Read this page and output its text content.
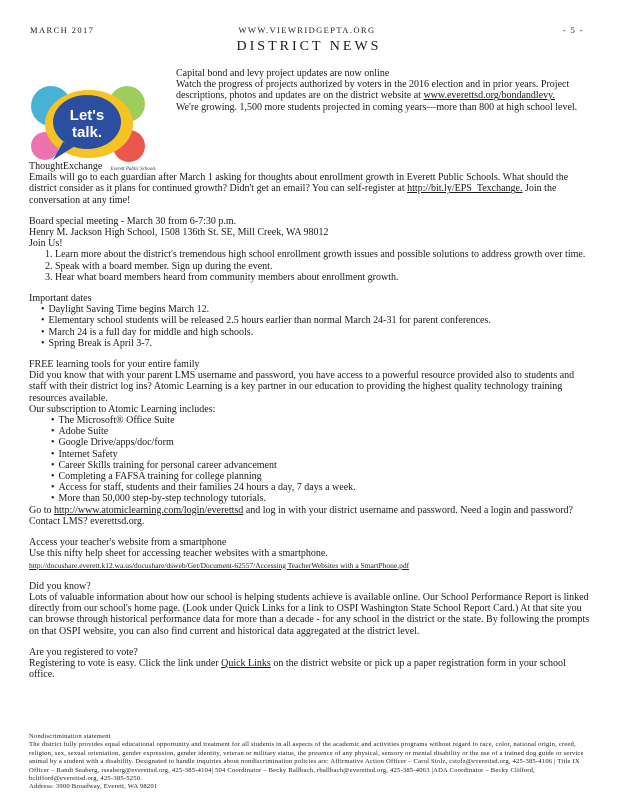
MARCH 2017	WWW.VIEWRIDGEPTA.ORG	- 5 -
DISTRICT NEWS
Let's
talk.
Everett Public Schools

Capital bond and levy project updates are now online

Watch the progress of projects authorized by voters in the 2016 election and in prior years. Project descriptions, photos and updates are on the district website at www.everettsd.org/bondandlevy.

We're growing. 1,500 more students projected in coming years—more than 800 at high school level.

ThoughtExchange

Emails will go to each guardian after March 1 asking for thoughts about enrollment growth in Everett Public Schools. What should the district consider as it plans for continued growth? Didn't get an email? You can self-register at http://bit.ly/EPS_Texchange. Join the conversation at any time!

Board special meeting - March 30 from 6-7:30 p.m.

Henry M. Jackson High School, 1508 136th St. SE, Mill Creek, WA 98012

Join Us!

1. Learn more about the district's tremendous high school enrollment growth issues and possible solutions to address growth over time.
2. Speak with a board member. Sign up during the event.
3. Hear what board members heard from community members about enrollment growth.

Important dates

• Daylight Saving Time begins March 12.
• Elementary school students will be released 2.5 hours earlier than normal March 24-31 for parent conferences.
• March 24 is a full day for middle and high schools.
• Spring Break is April 3-7.

FREE learning tools for your entire family

Did you know that with your parent LMS username and password, you have access to a powerful resource provided also to students and staff with their district log ins? Atomic Learning is a key partner in our education to providing the highest quality technology training resources available.

Our subscription to Atomic Learning includes:

• The Microsoft® Office Suite
• Adobe Suite
• Google Drive/apps/doc/form
• Internet Safety
• Career Skills training for personal career advancement
• Completing a FAFSA training for college planning
• Access for staff, students and their families 24 hours a day, 7 days a week.
• More than 50,000 step-by-step technology tutorials.

Go to http://www.atomiclearning.com/login/everettsd and log in with your district username and password. Need a login and password? Contact LMS? everettsd.org.

Access your teacher's website from a smartphone

Use this nifty help sheet for accessing teacher websites with a smartphone.

http://docushare.everett.k12.wa.us/docushare/dsweb/Get/Document-62557/Accessing TeacherWebsites with a SmartPhone.pdf

Did you know?

Lots of valuable information about how our school is helping students achieve is available online. Our School Performance Report is linked directly from our school's home page. (Look under Quick Links for a link to OSPI Washington State School Report Card.) At that site you can browse through historical performance data for more than a decade - for any school in the district or the state. By following the prompts on that OSPI website, you can also find current and historical data aggregated at the district level.

Are you registered to vote?

Registering to vote is easy. Click the link under Quick Links on the district website or pick up a paper registration form in your school office.

Nondiscrimination statement

The district fully provides equal educational opportunity and treatment for all students in all aspects of the academic and activities programs without regard to race, color, national origin, creed, religion, sex, sexual orientation, gender expression, gender identity, veteran or military status, the presence of any physical, sensory or mental disability or the use of a trained dog guide or service animal by a student with a disability. Designated to handle inquiries about nondiscrimination policies are: Affirmative Action Officer – Carol Stolz, cstolz@everettsd.org, 425-385-4106 | Title IX Officer – Randi Seaberg, rseaberg@everettsd.org, 425-385-4104| 504 Coordinator – Becky Ballbach, rballbach@everettsd.org, 425-385-4063 |ADA Coordinator – Becky Clifford, bclifford@everettsd.org, 425-385-5250.

Address: 3900 Broadway, Everett, WA 98201
